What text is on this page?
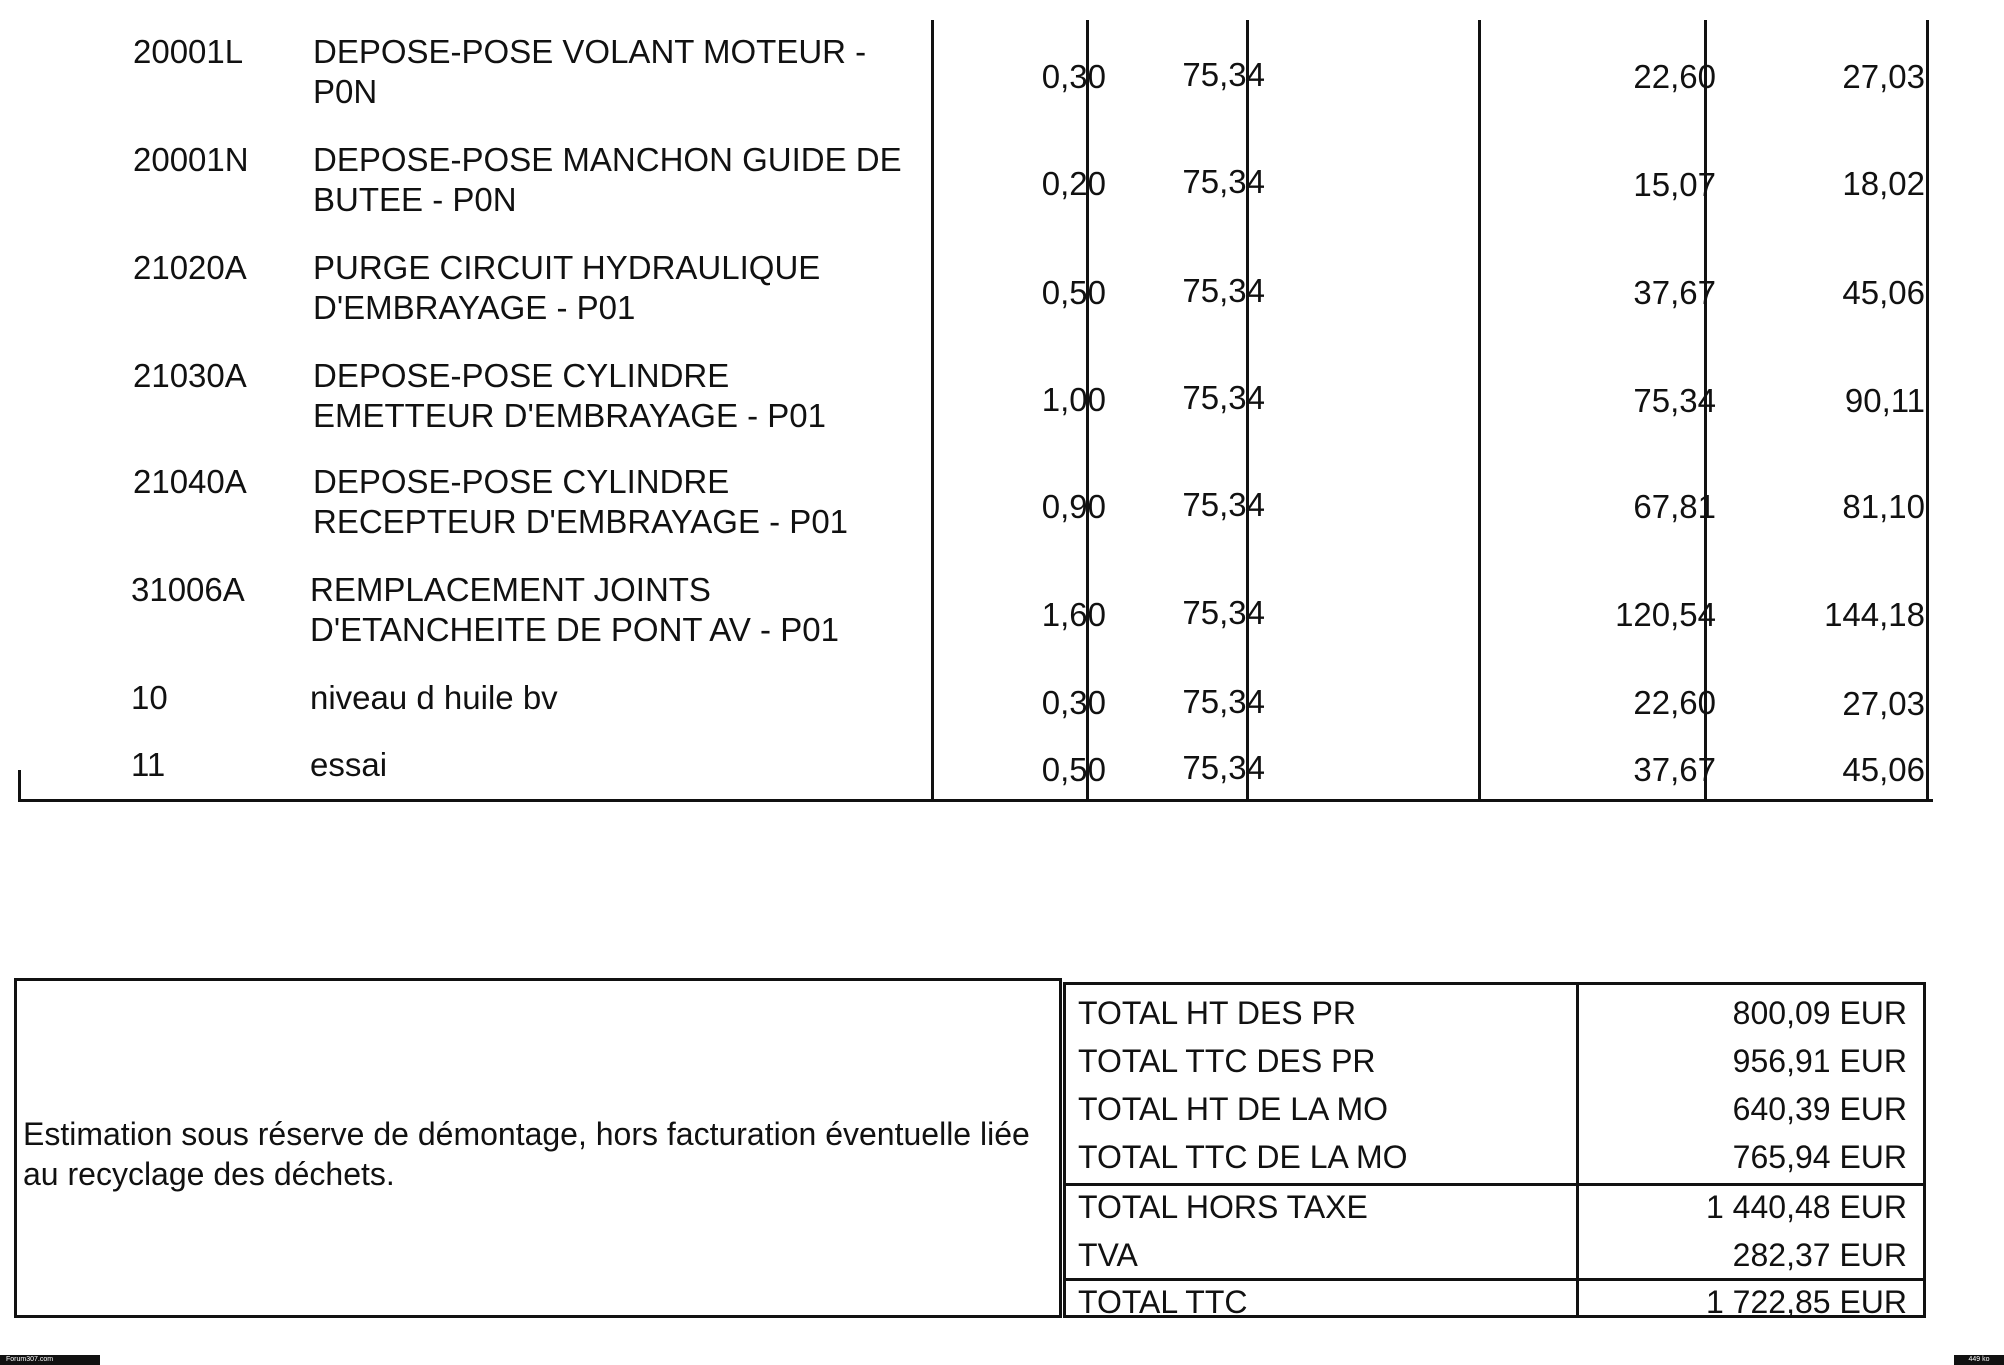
20001L	DEPOSE-POSE VOLANT MOTEUR -
P0N	0,30	75,34	22,60	27,03
20001N	DEPOSE-POSE MANCHON GUIDE DE
BUTEE - P0N	0,20	75,34	15,07	18,02
21020A	PURGE CIRCUIT HYDRAULIQUE
D'EMBRAYAGE - P01	0,50	75,34	37,67	45,06
21030A	DEPOSE-POSE CYLINDRE
EMETTEUR D'EMBRAYAGE - P01	1,00	75,34	75,34	90,11
21040A	DEPOSE-POSE CYLINDRE
RECEPTEUR D'EMBRAYAGE - P01	0,90	75,34	67,81	81,10
31006A	REMPLACEMENT JOINTS
D'ETANCHEITE DE PONT AV - P01	1,60	75,34	120,54	144,18
10	niveau d huile bv	0,30	75,34	22,60	27,03
11	essai	0,50	75,34	37,67	45,06
Estimation sous réserve de démontage, hors facturation éventuelle liée au recyclage des déchets.
TOTAL HT DES PR	800,09 EUR
TOTAL TTC DES PR	956,91 EUR
TOTAL HT DE LA MO	640,39 EUR
TOTAL TTC DE LA MO	765,94 EUR
TOTAL HORS TAXE	1 440,48 EUR
TVA	282,37 EUR
TOTAL TTC	1 722,85 EUR
Forum307.com	449 ko
